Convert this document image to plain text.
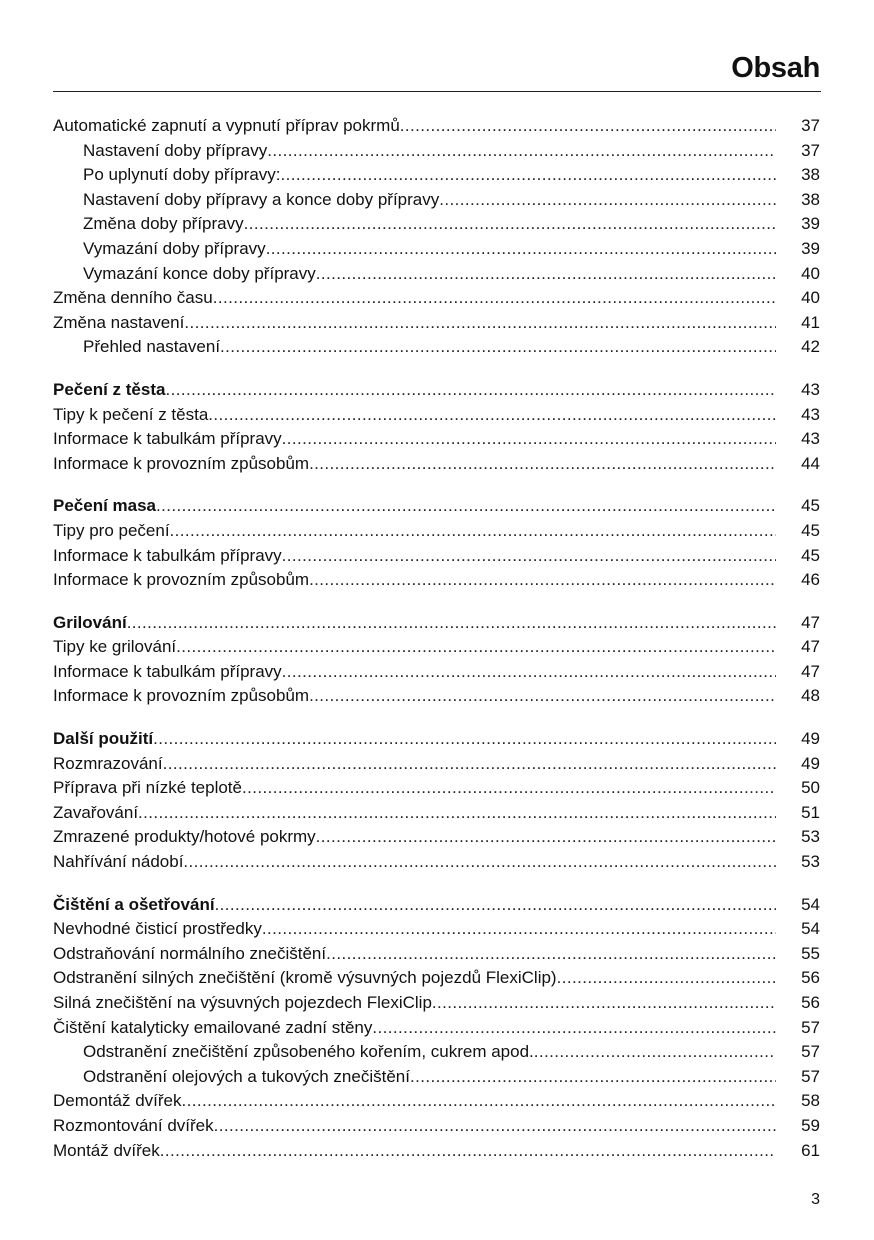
Obsah
Automatické zapnutí a vypnutí příprav pokrmů .....	37
Nastavení doby přípravy .....	37
Po uplynutí doby přípravy: .....	38
Nastavení doby přípravy a konce doby přípravy .....	38
Změna doby přípravy .....	39
Vymazání doby přípravy .....	39
Vymazání konce doby přípravy .....	40
Změna denního času .....	40
Změna nastavení .....	41
Přehled nastavení .....	42
Pečení z těsta .....	43
Tipy k pečení z těsta .....	43
Informace k tabulkám přípravy .....	43
Informace k provozním způsobům .....	44
Pečení masa .....	45
Tipy pro pečení .....	45
Informace k tabulkám přípravy .....	45
Informace k provozním způsobům .....	46
Grilování .....	47
Tipy ke grilování .....	47
Informace k tabulkám přípravy .....	47
Informace k provozním způsobům .....	48
Další použití .....	49
Rozmrazování .....	49
Příprava při nízké teplotě .....	50
Zavařování .....	51
Zmrazené produkty/hotové pokrmy .....	53
Nahřívání nádobí .....	53
Čištění a ošetřování .....	54
Nevhodné čisticí prostředky .....	54
Odstraňování normálního znečištění .....	55
Odstranění silných znečištění (kromě výsuvných pojezdů FlexiClip) .....	56
Silná znečištění na výsuvných pojezdech FlexiClip .....	56
Čištění katalyticky emailované zadní stěny .....	57
Odstranění znečištění způsobeného kořením, cukrem apod. .....	57
Odstranění olejových a tukových znečištění .....	57
Demontáž dvířek .....	58
Rozmontování dvířek .....	59
Montáž dvířek .....	61
3
